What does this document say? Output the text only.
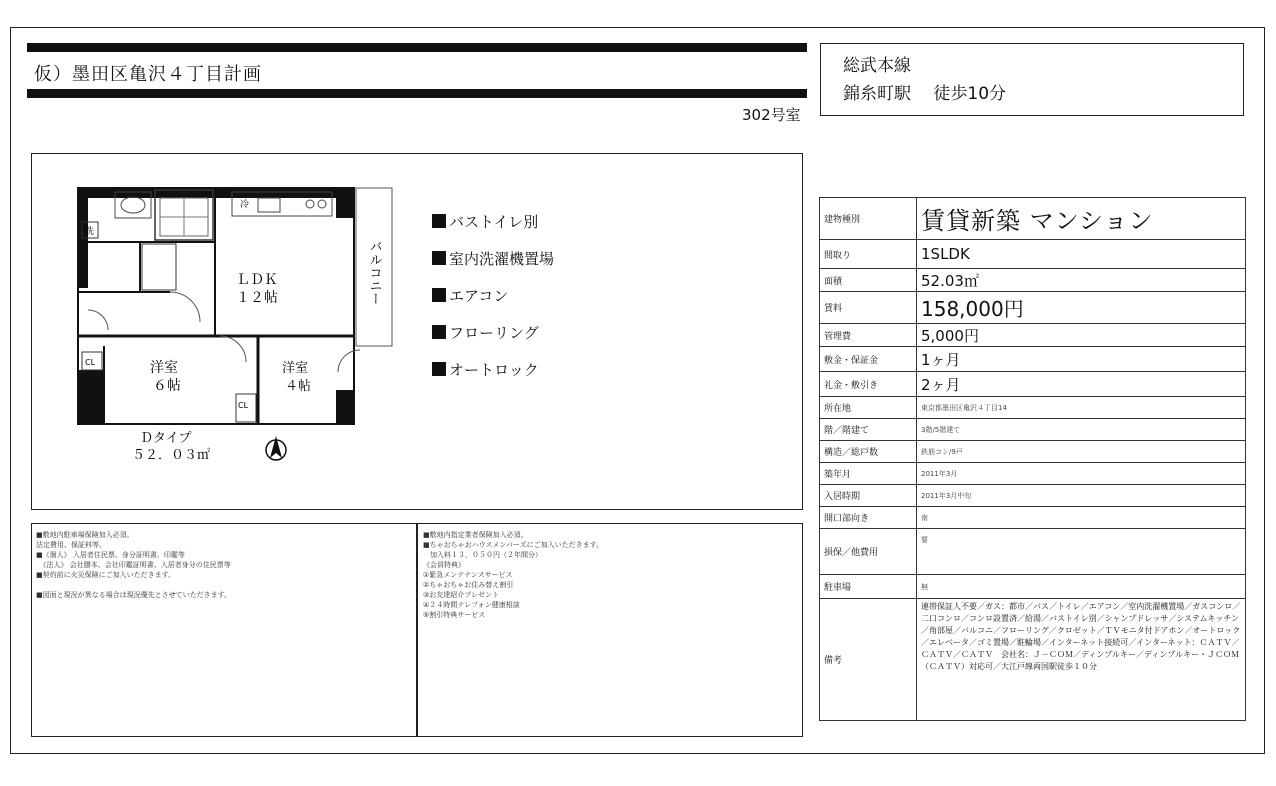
仮）墨田区亀沢４丁目計画
302号室
総武本線
錦糸町駅　 徒歩10分
洗
冷
ＬＤＫ
１２帖
洋室
６帖
洋室
４帖
CL
CL
バルコニー
Ｄタイプ
５２．０３㎡
バストイレ別
室内洗濯機置場
エアコン
フローリング
オートロック
■敷地内駐車場保険加入必須。
法定費用、保証料等。
■《個人》 入居者住民票、身分証明書、印鑑等
　《法人》 会社謄本、会社印鑑証明書、入居者身分の住民票等
■契約前に火災保険にご加入いただきます。

■図面と現況が異なる場合は現況優先とさせていただきます。
■敷地内指定業者保険加入必須。
■ちゃおちゃおハウスメンバーズにご加入いただきます。
　加入料１３，０５０円（２年間分）
《会員特典》
①緊急メンテナンスサービス
②ちゃおちゃお住み替え割引
③お友達紹介プレゼント
④２４時間テレフォン健康相談
⑤割引特典サービス
建物種別	賃貸新築 マンション
間取り	1SLDK
面積	52.03㎡
賃料	158,000円
管理費	5,000円
敷金・保証金	1ヶ月
礼金・敷引き	2ヶ月
所在地	東京都墨田区亀沢４丁目14
階／階建て	3階/5階建て
構造／総戸数	鉄筋コン/9戸
築年月	2011年3月
入居時期	2011年3月中旬
開口部向き	南
損保／他費用	要
駐車場	無
備考	連帯保証人不要／ガス：都市／バス／トイレ／エアコン／室内洗濯機置場／ガスコンロ／二口コンロ／コンロ設置済／給湯／バストイレ別／シャンプドレッサ／システムキッチン／角部屋／バルコニ／フローリング／クロゼット／ＴＶモニタ付ドアホン／オートロック／エレベータ／ゴミ置場／駐輪場／インターネット接続可／インターネット：ＣＡＴＶ／ＣＡＴＶ／ＣＡＴＶ　会社名：Ｊ－ＣＯＭ／ディンプルキー／ディンプルキー・ＪＣＯＭ（ＣＡＴＶ）対応可／大江戸線両国駅徒歩１０分
